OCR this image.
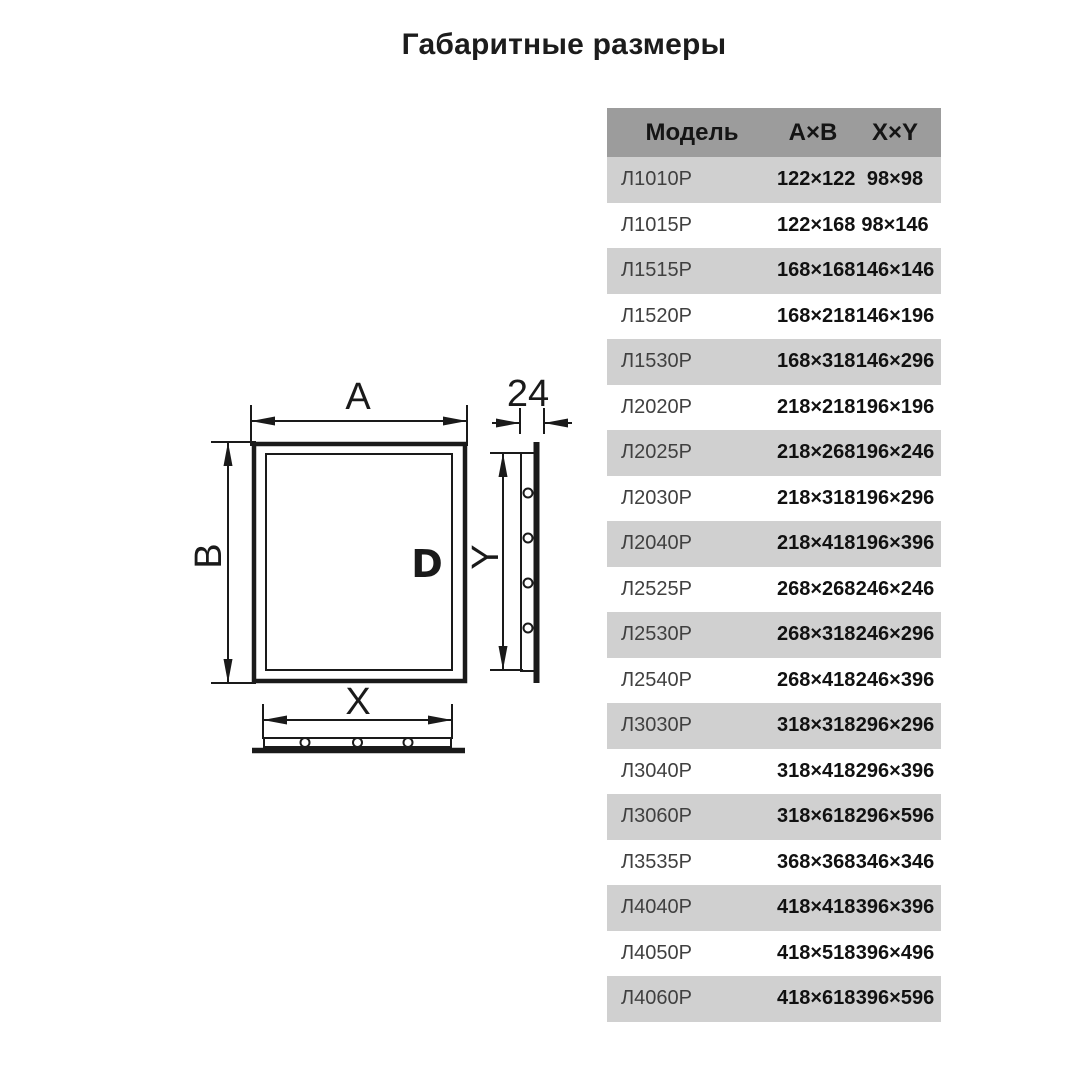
Габаритные размеры
D
A
B
X
24
Y
Модель	A×B	X×Y
Л1010Р	122×122	98×98
Л1015Р	122×168	98×146
Л1515Р	168×168	146×146
Л1520Р	168×218	146×196
Л1530Р	168×318	146×296
Л2020Р	218×218	196×196
Л2025Р	218×268	196×246
Л2030Р	218×318	196×296
Л2040Р	218×418	196×396
Л2525Р	268×268	246×246
Л2530Р	268×318	246×296
Л2540Р	268×418	246×396
Л3030Р	318×318	296×296
Л3040Р	318×418	296×396
Л3060Р	318×618	296×596
Л3535Р	368×368	346×346
Л4040Р	418×418	396×396
Л4050Р	418×518	396×496
Л4060Р	418×618	396×596
